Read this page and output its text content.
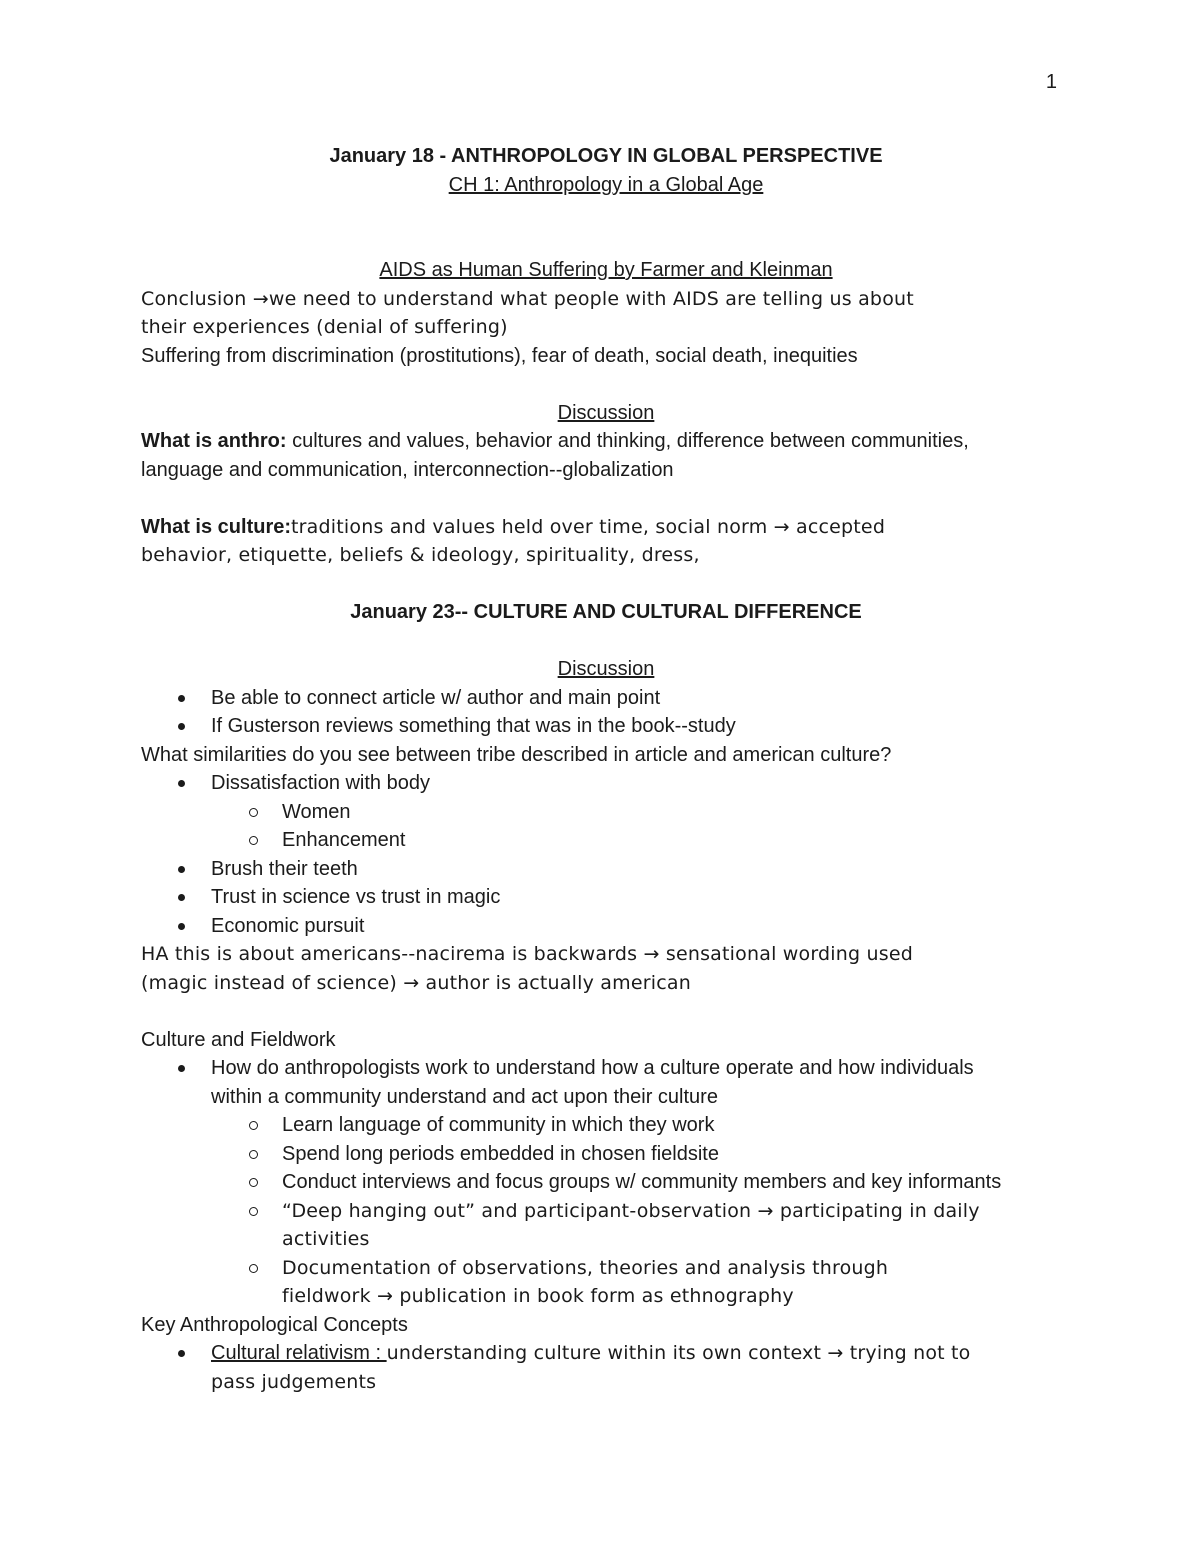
1

January 18 - ANTHROPOLOGY IN GLOBAL PERSPECTIVE

CH 1: Anthropology in a Global Age

AIDS as Human Suffering by Farmer and Kleinman

Conclusion →we need to understand what people with AIDS are telling us about

their experiences (denial of suffering)

Suffering from discrimination (prostitutions), fear of death, social death, inequities

Discussion

What is anthro: cultures and values, behavior and thinking, difference between communities,

language and communication, interconnection--globalization

What is culture:traditions and values held over time, social norm → accepted

behavior, etiquette, beliefs & ideology, spirituality, dress,

January 23-- CULTURE AND CULTURAL DIFFERENCE

Discussion

Be able to connect article w/ author and main point
If Gusterson reviews something that was in the book--study

What similarities do you see between tribe described in article and american culture?

Dissatisfaction with body
Women
Enhancement
Brush their teeth
Trust in science vs trust in magic
Economic pursuit

HA this is about americans--nacirema is backwards → sensational wording used

(magic instead of science) → author is actually american

Culture and Fieldwork

How do anthropologists work to understand how a culture operate and how individuals
within a community understand and act upon their culture
Learn language of community in which they work
Spend long periods embedded in chosen fieldsite
Conduct interviews and focus groups w/ community members and key informants
“Deep hanging out” and participant-observation → participating in daily
activities
Documentation of observations, theories and analysis through
fieldwork → publication in book form as ethnography

Key Anthropological Concepts

Cultural relativism : understanding culture within its own context → trying not to
pass judgements
